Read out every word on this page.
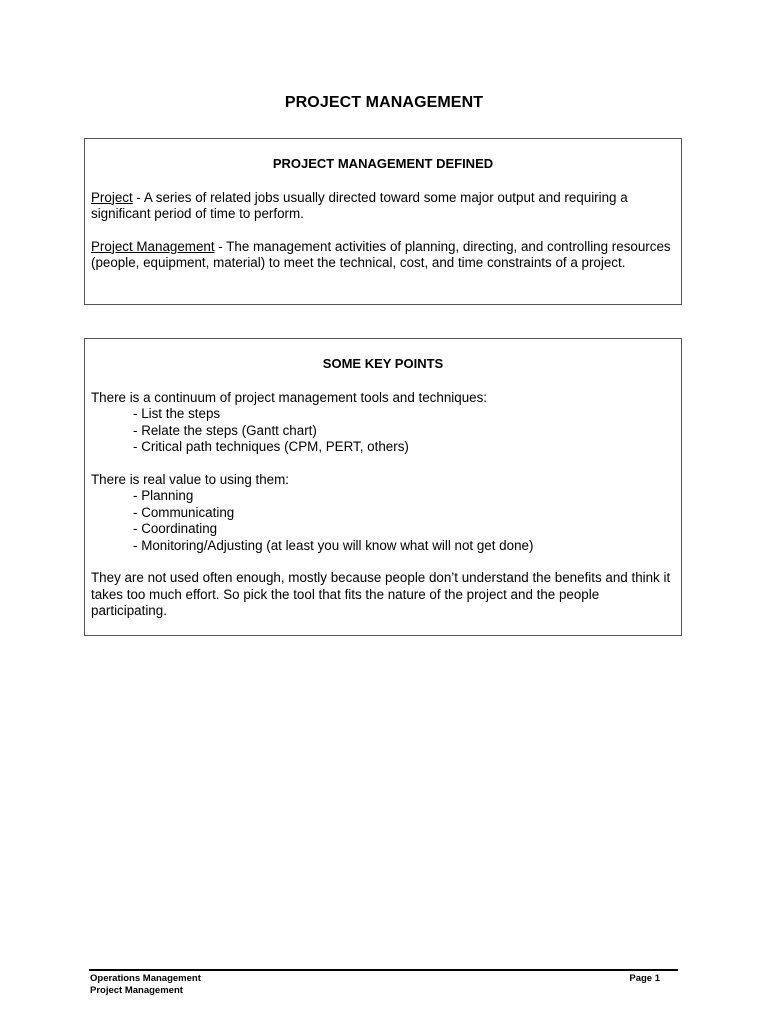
PROJECT MANAGEMENT
PROJECT MANAGEMENT DEFINED

Project - A series of related jobs usually directed toward some major output and requiring a significant period of time to perform.

Project Management - The management activities of planning, directing, and controlling resources (people, equipment, material) to meet the technical, cost, and time constraints of a project.

SOME KEY POINTS
There is a continuum of project management tools and techniques:
- List the steps
- Relate the steps (Gantt chart)
- Critical path techniques (CPM, PERT, others)
There is real value to using them:
- Planning
- Communicating
- Coordinating
- Monitoring/Adjusting (at least you will know what will not get done)

They are not used often enough, mostly because people don’t understand the benefits and think it takes too much effort. So pick the tool that fits the nature of the project and the people participating.

Operations Management
Project Management
Page 1
